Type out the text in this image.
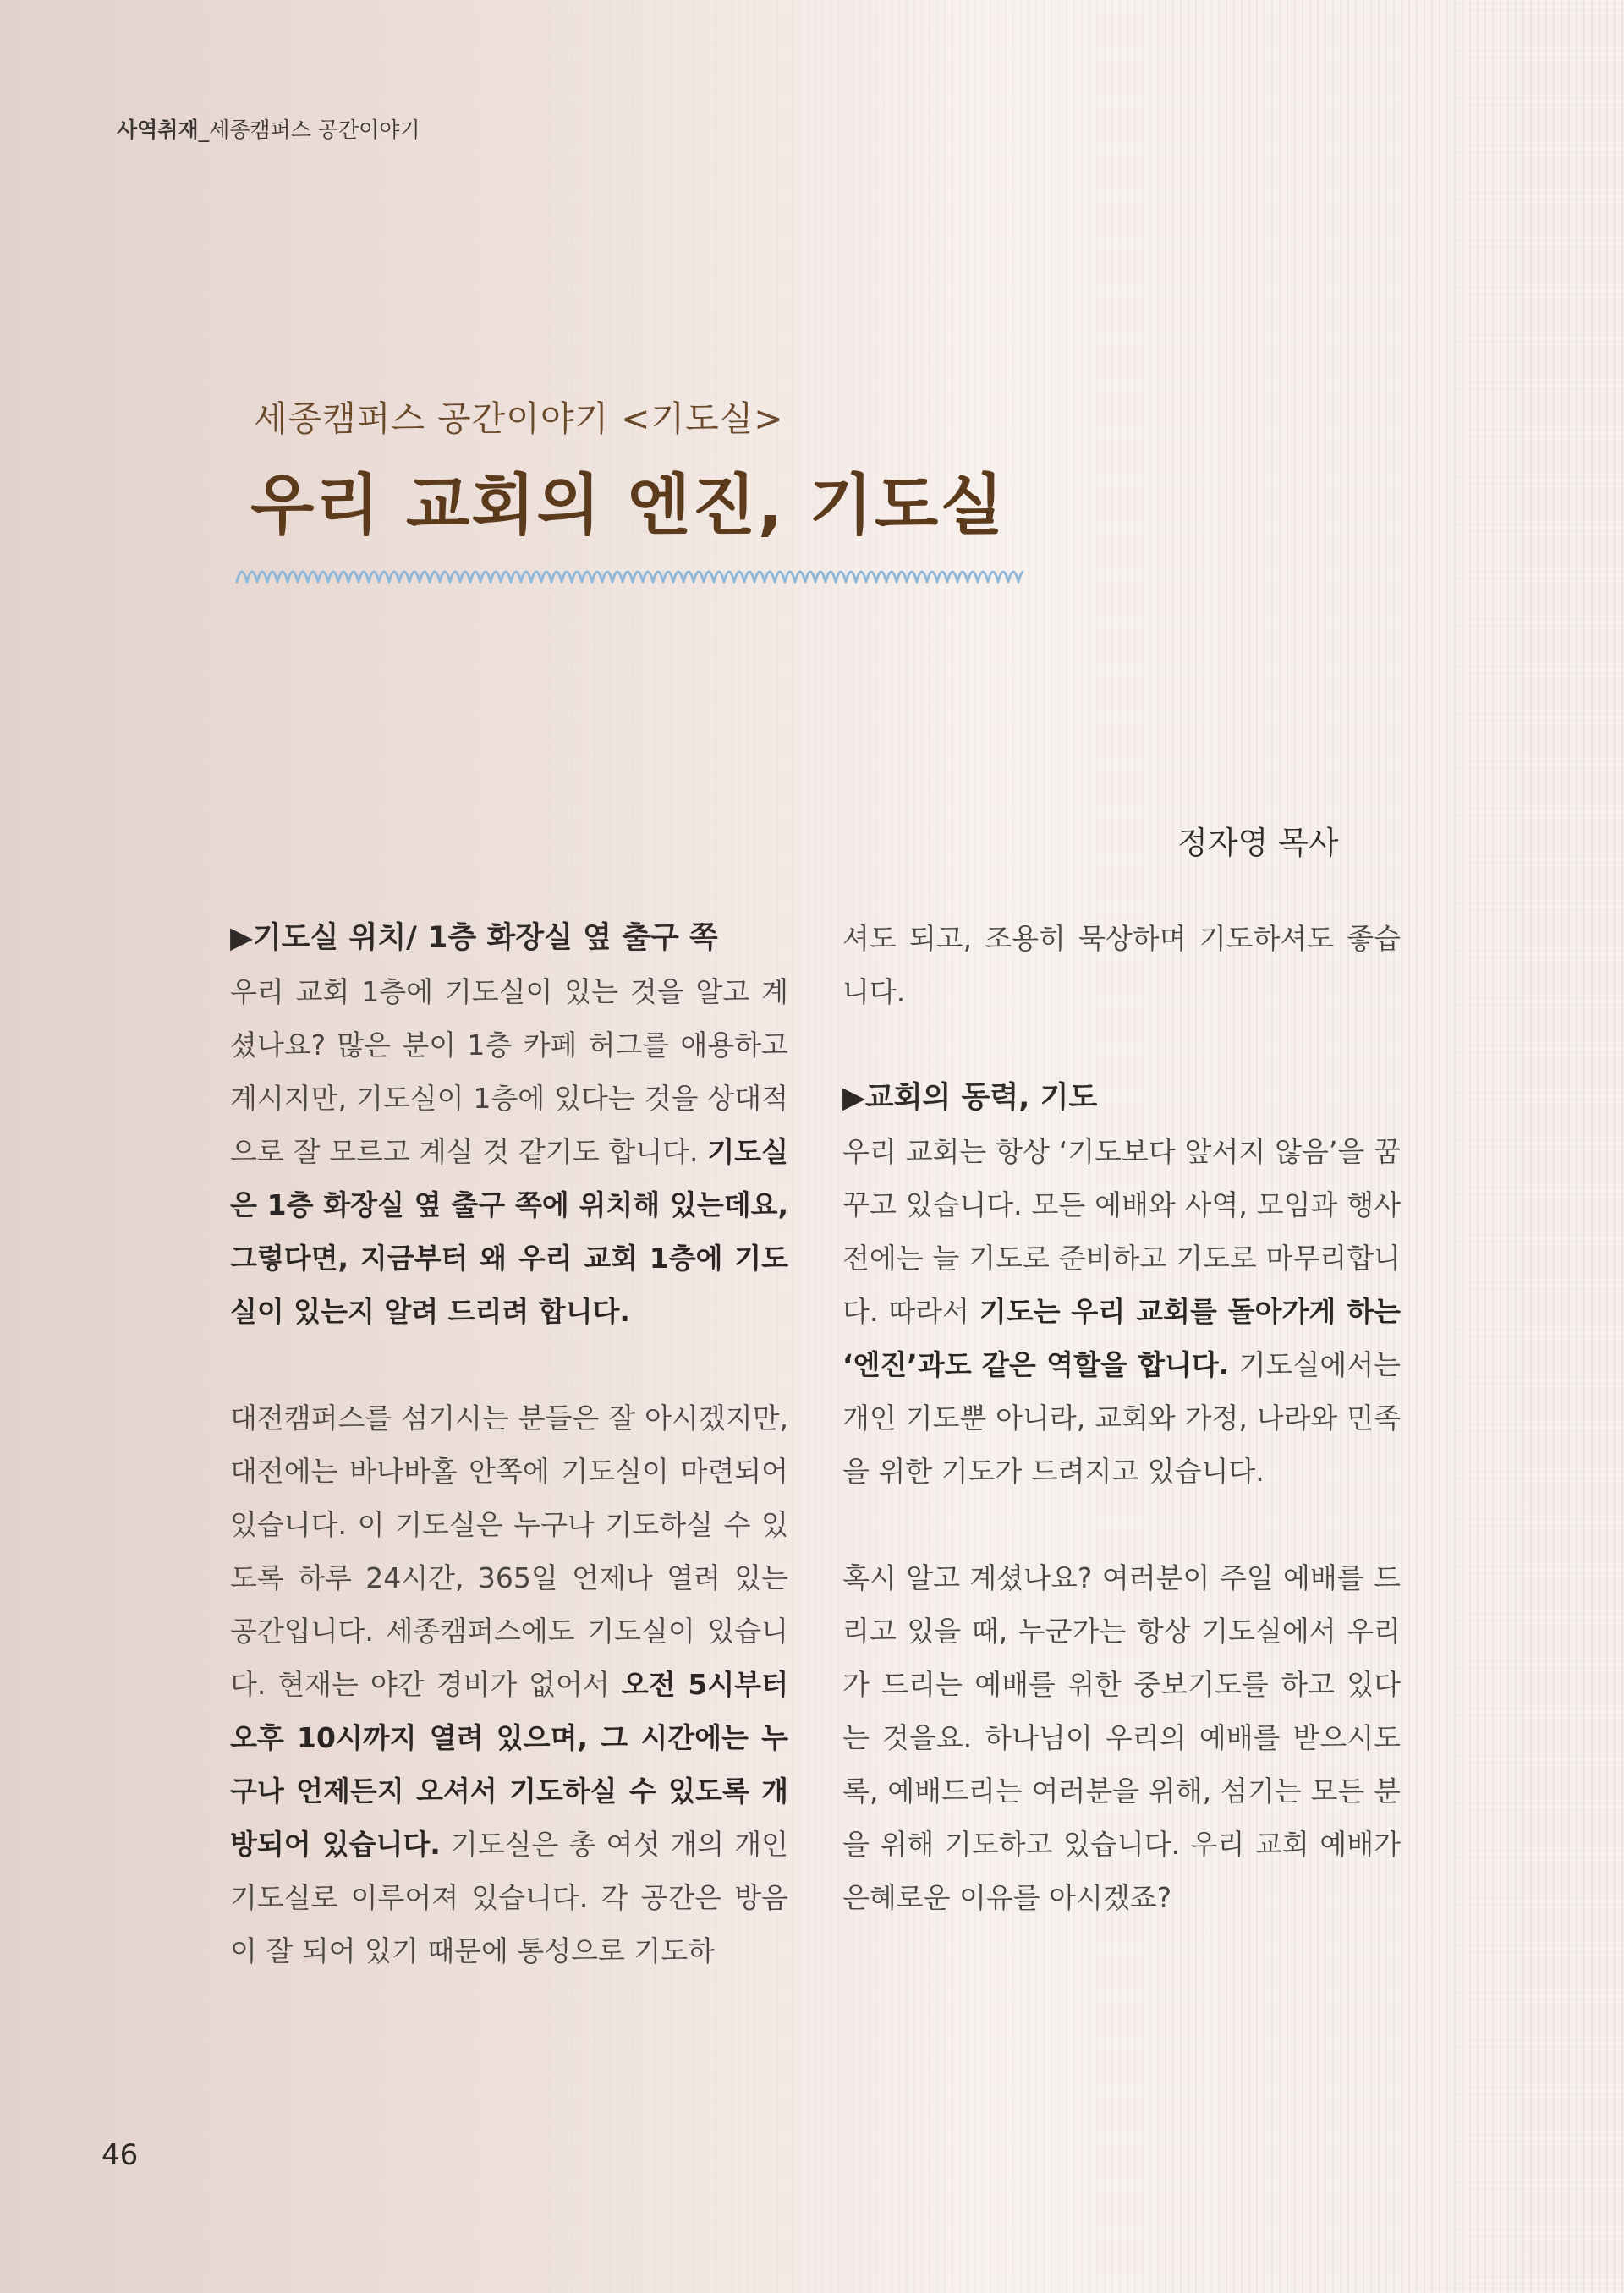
사역취재_세종캠퍼스 공간이야기
세종캠퍼스 공간이야기 <기도실>
우리 교회의 엔진, 기도실
정자영 목사
▶기도실 위치/ 1층 화장실 옆 출구 쪽

우리 교회 1층에 기도실이 있는 것을 알고 계셨나요? 많은 분이 1층 카페 허그를 애용하고 계시지만, 기도실이 1층에 있다는 것을 상대적으로 잘 모르고 계실 것 같기도 합니다. 기도실은 1층 화장실 옆 출구 쪽에 위치해 있는데요, 그렇다면, 지금부터 왜 우리 교회 1층에 기도실이 있는지 알려 드리려 합니다.

대전캠퍼스를 섬기시는 분들은 잘 아시겠지만, 대전에는 바나바홀 안쪽에 기도실이 마련되어 있습니다. 이 기도실은 누구나 기도하실 수 있도록 하루 24시간, 365일 언제나 열려 있는 공간입니다. 세종캠퍼스에도 기도실이 있습니다. 현재는 야간 경비가 없어서 오전 5시부터 오후 10시까지 열려 있으며, 그 시간에는 누구나 언제든지 오셔서 기도하실 수 있도록 개방되어 있습니다. 기도실은 총 여섯 개의 개인 기도실로 이루어져 있습니다. 각 공간은 방음이 잘 되어 있기 때문에 통성으로 기도하

셔도 되고, 조용히 묵상하며 기도하셔도 좋습니다.

▶교회의 동력, 기도

우리 교회는 항상 ‘기도보다 앞서지 않음’을 꿈꾸고 있습니다. 모든 예배와 사역, 모임과 행사 전에는 늘 기도로 준비하고 기도로 마무리합니다. 따라서 기도는 우리 교회를 돌아가게 하는 ‘엔진’과도 같은 역할을 합니다. 기도실에서는 개인 기도뿐 아니라, 교회와 가정, 나라와 민족을 위한 기도가 드려지고 있습니다.

혹시 알고 계셨나요? 여러분이 주일 예배를 드리고 있을 때, 누군가는 항상 기도실에서 우리가 드리는 예배를 위한 중보기도를 하고 있다는 것을요. 하나님이 우리의 예배를 받으시도록, 예배드리는 여러분을 위해, 섬기는 모든 분을 위해 기도하고 있습니다. 우리 교회 예배가 은혜로운 이유를 아시겠죠?

46
